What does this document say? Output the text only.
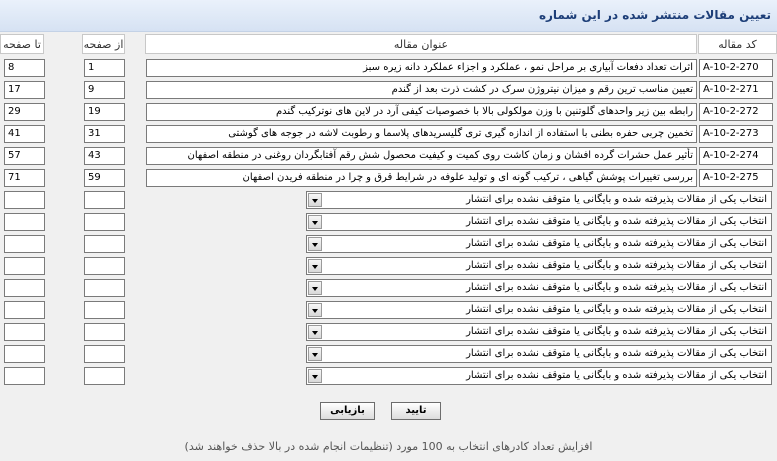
تعیین مقالات منتشر شده در این شماره
تا صفحه	از صفحه	عنوان مقاله	کد مقاله
8	1	اثرات تعداد دفعات آبیاری بر مراحل نمو ، عملکرد و اجزاء عملکرد دانه زیره سبز	A-10-2-270
17	9	تعیین مناسب ترین رقم و میزان نیتروژن سرک در کشت ذرت بعد از گندم	A-10-2-271
29	19	رابطه بین زیر واحدهای گلوتنین با وزن مولکولی بالا با خصوصیات کیفی آرد در لاین های نوترکیب گندم	A-10-2-272
41	31	تخمین چربی حفره بطنی با استفاده از اندازه گیری تری گلیسریدهای پلاسما و رطوبت لاشه در جوجه های گوشتی	A-10-2-273
57	43	تأثیر عمل حشرات گرده افشان و زمان کاشت روی کمیت و کیفیت محصول شش رقم آفتابگردان روغنی در منطقه اصفهان	A-10-2-274
71	59	بررسی تغییرات پوشش گیاهی ، ترکیب گونه ای و تولید علوفه در شرایط قرق و چرا در منطقه فریدن اصفهان	A-10-2-275
انتخاب یکی از مقالات پذیرفته شده و بایگانی یا متوقف نشده برای انتشار
انتخاب یکی از مقالات پذیرفته شده و بایگانی یا متوقف نشده برای انتشار
انتخاب یکی از مقالات پذیرفته شده و بایگانی یا متوقف نشده برای انتشار
انتخاب یکی از مقالات پذیرفته شده و بایگانی یا متوقف نشده برای انتشار
انتخاب یکی از مقالات پذیرفته شده و بایگانی یا متوقف نشده برای انتشار
انتخاب یکی از مقالات پذیرفته شده و بایگانی یا متوقف نشده برای انتشار
انتخاب یکی از مقالات پذیرفته شده و بایگانی یا متوقف نشده برای انتشار
انتخاب یکی از مقالات پذیرفته شده و بایگانی یا متوقف نشده برای انتشار
انتخاب یکی از مقالات پذیرفته شده و بایگانی یا متوقف نشده برای انتشار
تایید
بازیابی
افزایش تعداد کادرهای انتخاب به 100 مورد (تنظیمات انجام شده در بالا حذف خواهند شد)
